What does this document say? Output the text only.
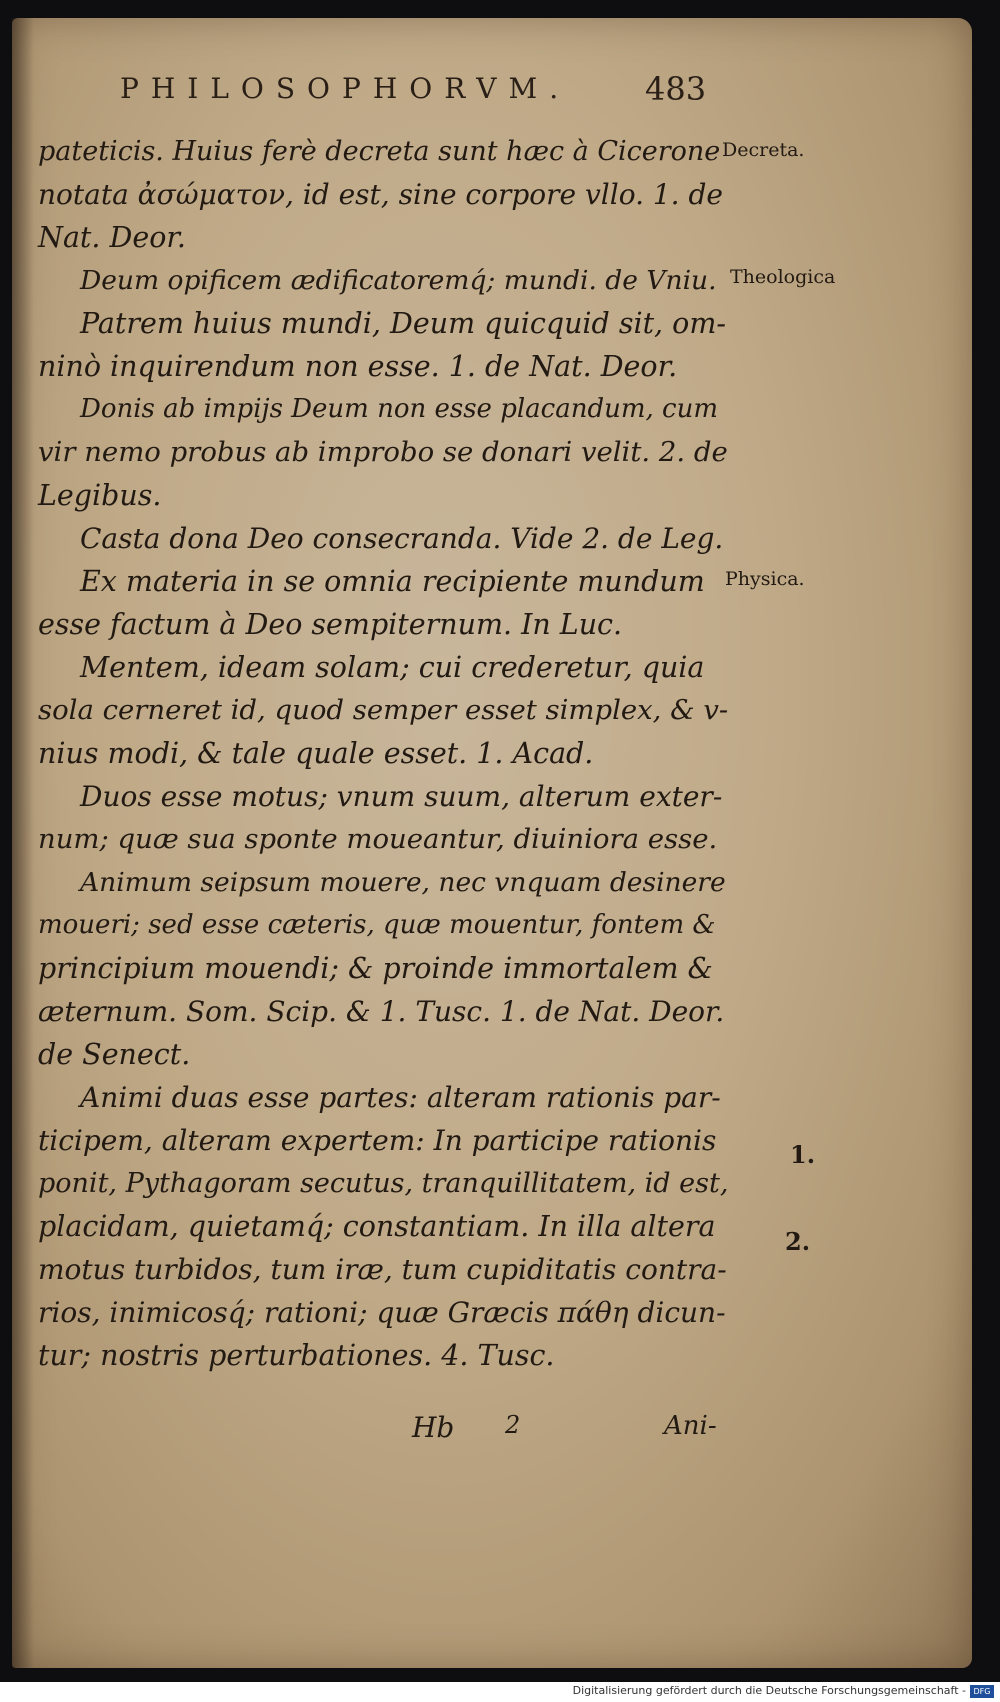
PHILOSOPHORVM. 483
pateticis. Huius ferè decreta sunt hæc à Cicerone
notata ἀσώματον, id est, sine corpore vllo. 1. de
Nat. Deor.
Deum opificem ædificatoremq́; mundi. de Vniu.
Patrem huius mundi, Deum quicquid sit, om-
ninò inquirendum non esse. 1. de Nat. Deor.
Donis ab impijs Deum non esse placandum, cum
vir nemo probus ab improbo se donari velit. 2. de
Legibus.
Casta dona Deo consecranda. Vide 2. de Leg.
Ex materia in se omnia recipiente mundum
esse factum à Deo sempiternum. In Luc.
Mentem, ideam solam; cui crederetur, quia
sola cerneret id, quod semper esset simplex, & v-
nius modi, & tale quale esset. 1. Acad.
Duos esse motus; vnum suum, alterum exter-
num; quæ sua sponte moueantur, diuiniora esse.
Animum seipsum mouere, nec vnquam desinere
moueri; sed esse cæteris, quæ mouentur, fontem &
principium mouendi; & proinde immortalem &
æternum. Som. Scip. & 1. Tusc. 1. de Nat. Deor.
de Senect.
Animi duas esse partes: alteram rationis par-
ticipem, alteram expertem: In participe rationis
ponit, Pythagoram secutus, tranquillitatem, id est,
placidam, quietamq́; constantiam. In illa altera
motus turbidos, tum iræ, tum cupiditatis contra-
rios, inimicosq́; rationi; quæ Græcis πάθη dicun-
tur; nostris perturbationes. 4. Tusc.
Decreta.
Theologica
Physica.
1.
2.
Hb 2	Ani-
Digitalisierung gefördert durch die Deutsche Forschungsgemeinschaft - DFG
